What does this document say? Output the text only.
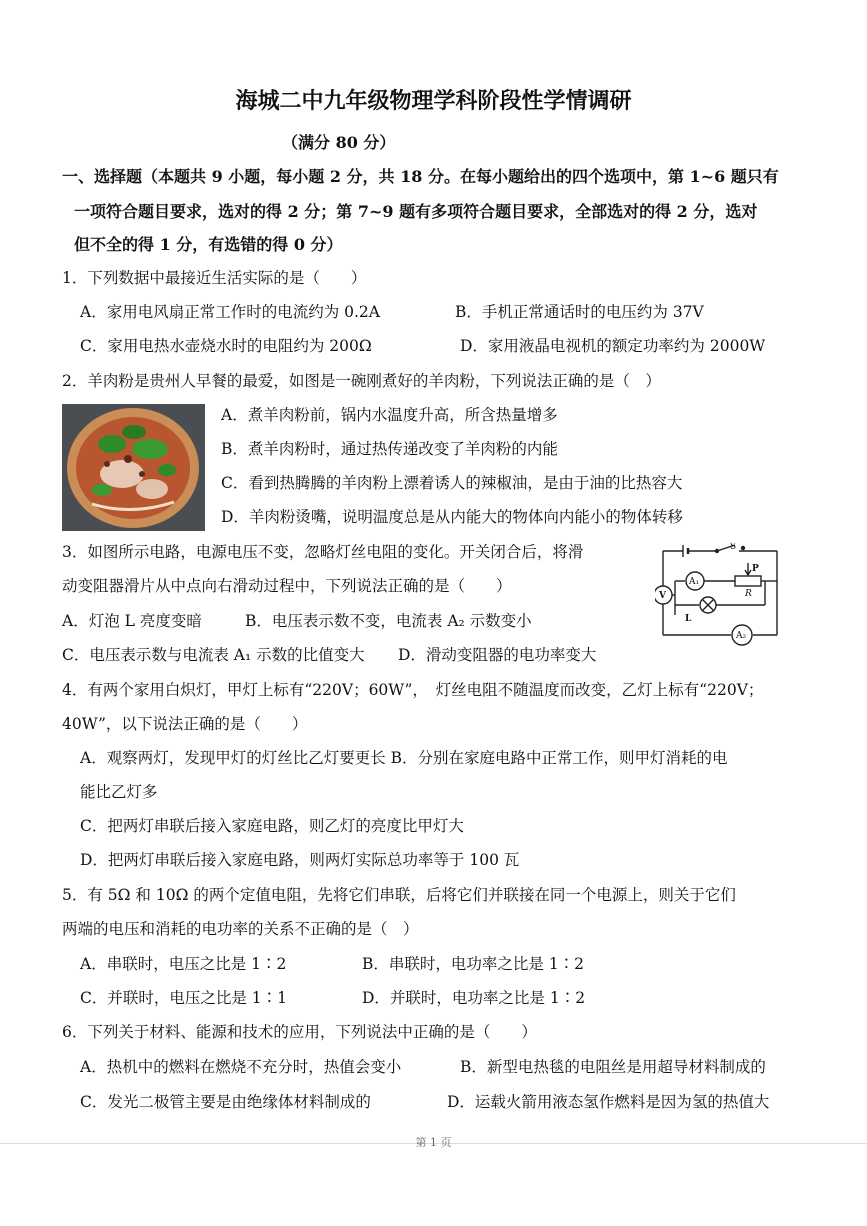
海城二中九年级物理学科阶段性学情调研
（满分 80 分）
一、选择题（本题共 9 小题，每小题 2 分，共 18 分。在每小题给出的四个选项中，第 1~6 题只有
一项符合题目要求，选对的得 2 分；第 7~9 题有多项符合题目要求，全部选对的得 2 分，选对
但不全的得 1 分，有选错的得 0 分）
1．下列数据中最接近生活实际的是（　　）
A．家用电风扇正常工作时的电流约为 0.2A	B．手机正常通话时的电压约为 37V
C．家用电热水壶烧水时的电阻约为 200Ω	D．家用液晶电视机的额定功率约为 2000W
2．羊肉粉是贵州人早餐的最爱，如图是一碗刚煮好的羊肉粉，下列说法正确的是（　）
A．煮羊肉粉前，锅内水温度升高，所含热量增多
B．煮羊肉粉时，通过热传递改变了羊肉粉的内能
C．看到热腾腾的羊肉粉上漂着诱人的辣椒油，是由于油的比热容大
D．羊肉粉烫嘴，说明温度总是从内能大的物体向内能小的物体转移
3．如图所示电路，电源电压不变，忽略灯丝电阻的变化。开关闭合后，将滑
动变阻器滑片从中点向右滑动过程中，下列说法正确的是（　　）
A．灯泡 L 亮度变暗	B．电压表示数不变，电流表 A₂ 示数变小
C．电压表示数与电流表 A₁ 示数的比值变大 D．滑动变阻器的电功率变大
S
P
R
L
V
A₁
A₂
4．有两个家用白炽灯，甲灯上标有“220V；60W”，　灯丝电阻不随温度而改变，乙灯上标有“220V；
40W”，以下说法正确的是（　　）
A．观察两灯，发现甲灯的灯丝比乙灯要更长 B．分别在家庭电路中正常工作，则甲灯消耗的电
能比乙灯多
C．把两灯串联后接入家庭电路，则乙灯的亮度比甲灯大
D．把两灯串联后接入家庭电路，则两灯实际总功率等于 100 瓦
5．有 5Ω 和 10Ω 的两个定值电阻，先将它们串联，后将它们并联接在同一个电源上，则关于它们
两端的电压和消耗的电功率的关系不正确的是（　）
A．串联时，电压之比是 1∶2	B．串联时，电功率之比是 1∶2
C．并联时，电压之比是 1∶1	D．并联时，电功率之比是 1∶2
6．下列关于材料、能源和技术的应用，下列说法中正确的是（　　）
A．热机中的燃料在燃烧不充分时，热值会变小	B．新型电热毯的电阻丝是用超导材料制成的
C．发光二极管主要是由绝缘体材料制成的	D．运载火箭用液态氢作燃料是因为氢的热值大
第 1 页
